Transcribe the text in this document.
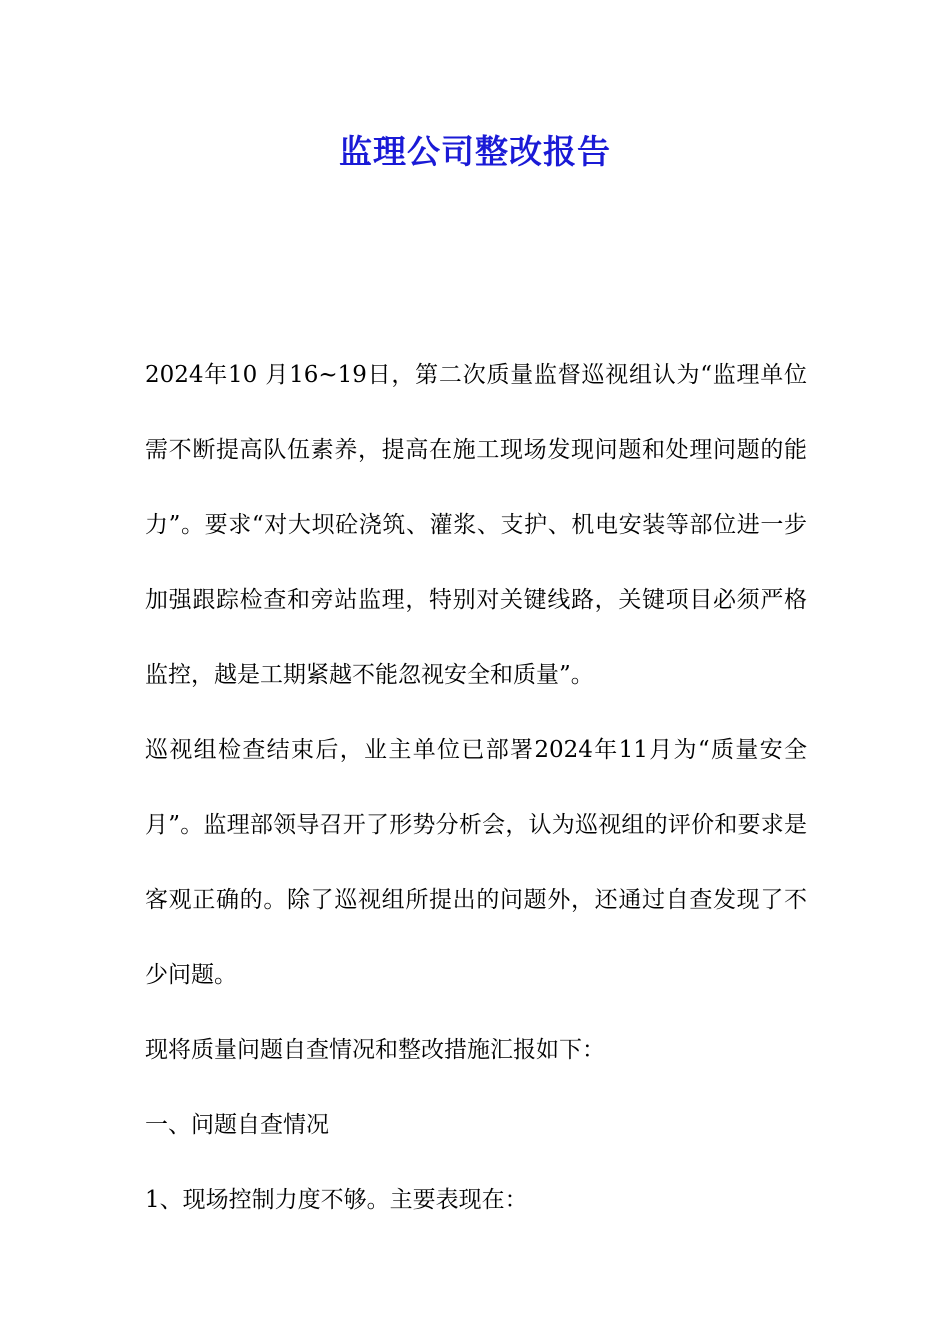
监理公司整改报告

2024年10 月16~19日，第二次质量监督巡视组认为“监理单位需不断提高队伍素养，提高在施工现场发现问题和处理问题的能力”。要求“对大坝砼浇筑、灌浆、支护、机电安装等部位进一步加强跟踪检查和旁站监理，特别对关键线路，关键项目必须严格监控，越是工期紧越不能忽视安全和质量”。

巡视组检查结束后，业主单位已部署2024年11月为“质量安全月”。监理部领导召开了形势分析会，认为巡视组的评价和要求是客观正确的。除了巡视组所提出的问题外，还通过自查发现了不少问题。

现将质量问题自查情况和整改措施汇报如下：

一、问题自查情况

1、现场控制力度不够。主要表现在：
